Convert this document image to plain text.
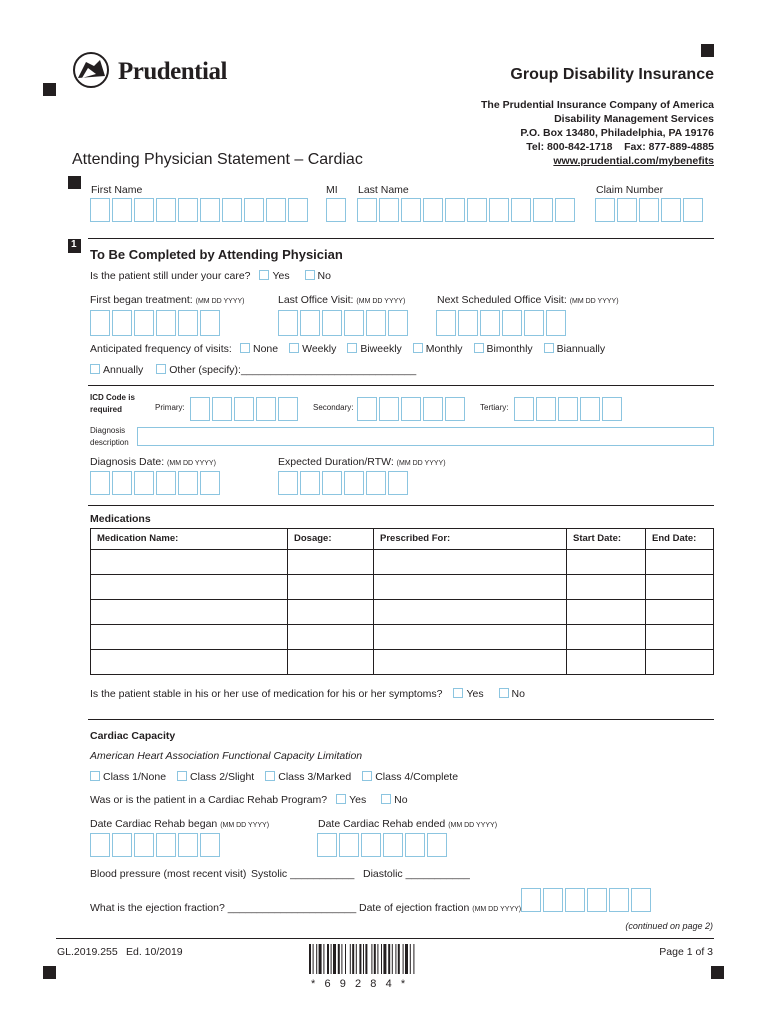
Prudential	Group Disability Insurance
The Prudential Insurance Company of America
Disability Management Services
P.O. Box 13480, Philadelphia, PA 19176
Tel: 800-842-1718    Fax: 877-889-4885
www.prudential.com/mybenefits
Attending Physician Statement – Cardiac
First Name	MI Last Name	Claim Number
1
To Be Completed by Attending Physician
Is the patient still under your care? Yes	No
First began treatment: (MM DD YYYY)	Last Office Visit: (MM DD YYYY)	Next Scheduled Office Visit: (MM DD YYYY)
Anticipated frequency of visits:	None Weekly Biweekly Monthly Bimonthly Biannually
Annually Other (specify):______________________________
ICD Code is required	Primary:	Secondary:	Tertiary:
Diagnosis description
Diagnosis Date: (MM DD YYYY)	Expected Duration/RTW: (MM DD YYYY)
Medications
Medication Name:	Dosage:	Prescribed For:	Start Date:	End Date:

Is the patient stable in his or her use of medication for his or her symptoms? Yes	No
Cardiac Capacity
American Heart Association Functional Capacity Limitation
Class 1/None Class 2/Slight Class 3/Marked Class 4/Complete
Was or is the patient in a Cardiac Rehab Program? Yes	No
Date Cardiac Rehab began (MM DD YYYY)	Date Cardiac Rehab ended (MM DD YYYY)
Blood pressure (most recent visit) Systolic ___________ Diastolic ___________
What is the ejection fraction? ______________________ Date of ejection fraction (MM DD YYYY)
(continued on page 2)
GL.2019.255 Ed. 10/2019
*   6   9   2   8   4   *
Page 1 of 3
